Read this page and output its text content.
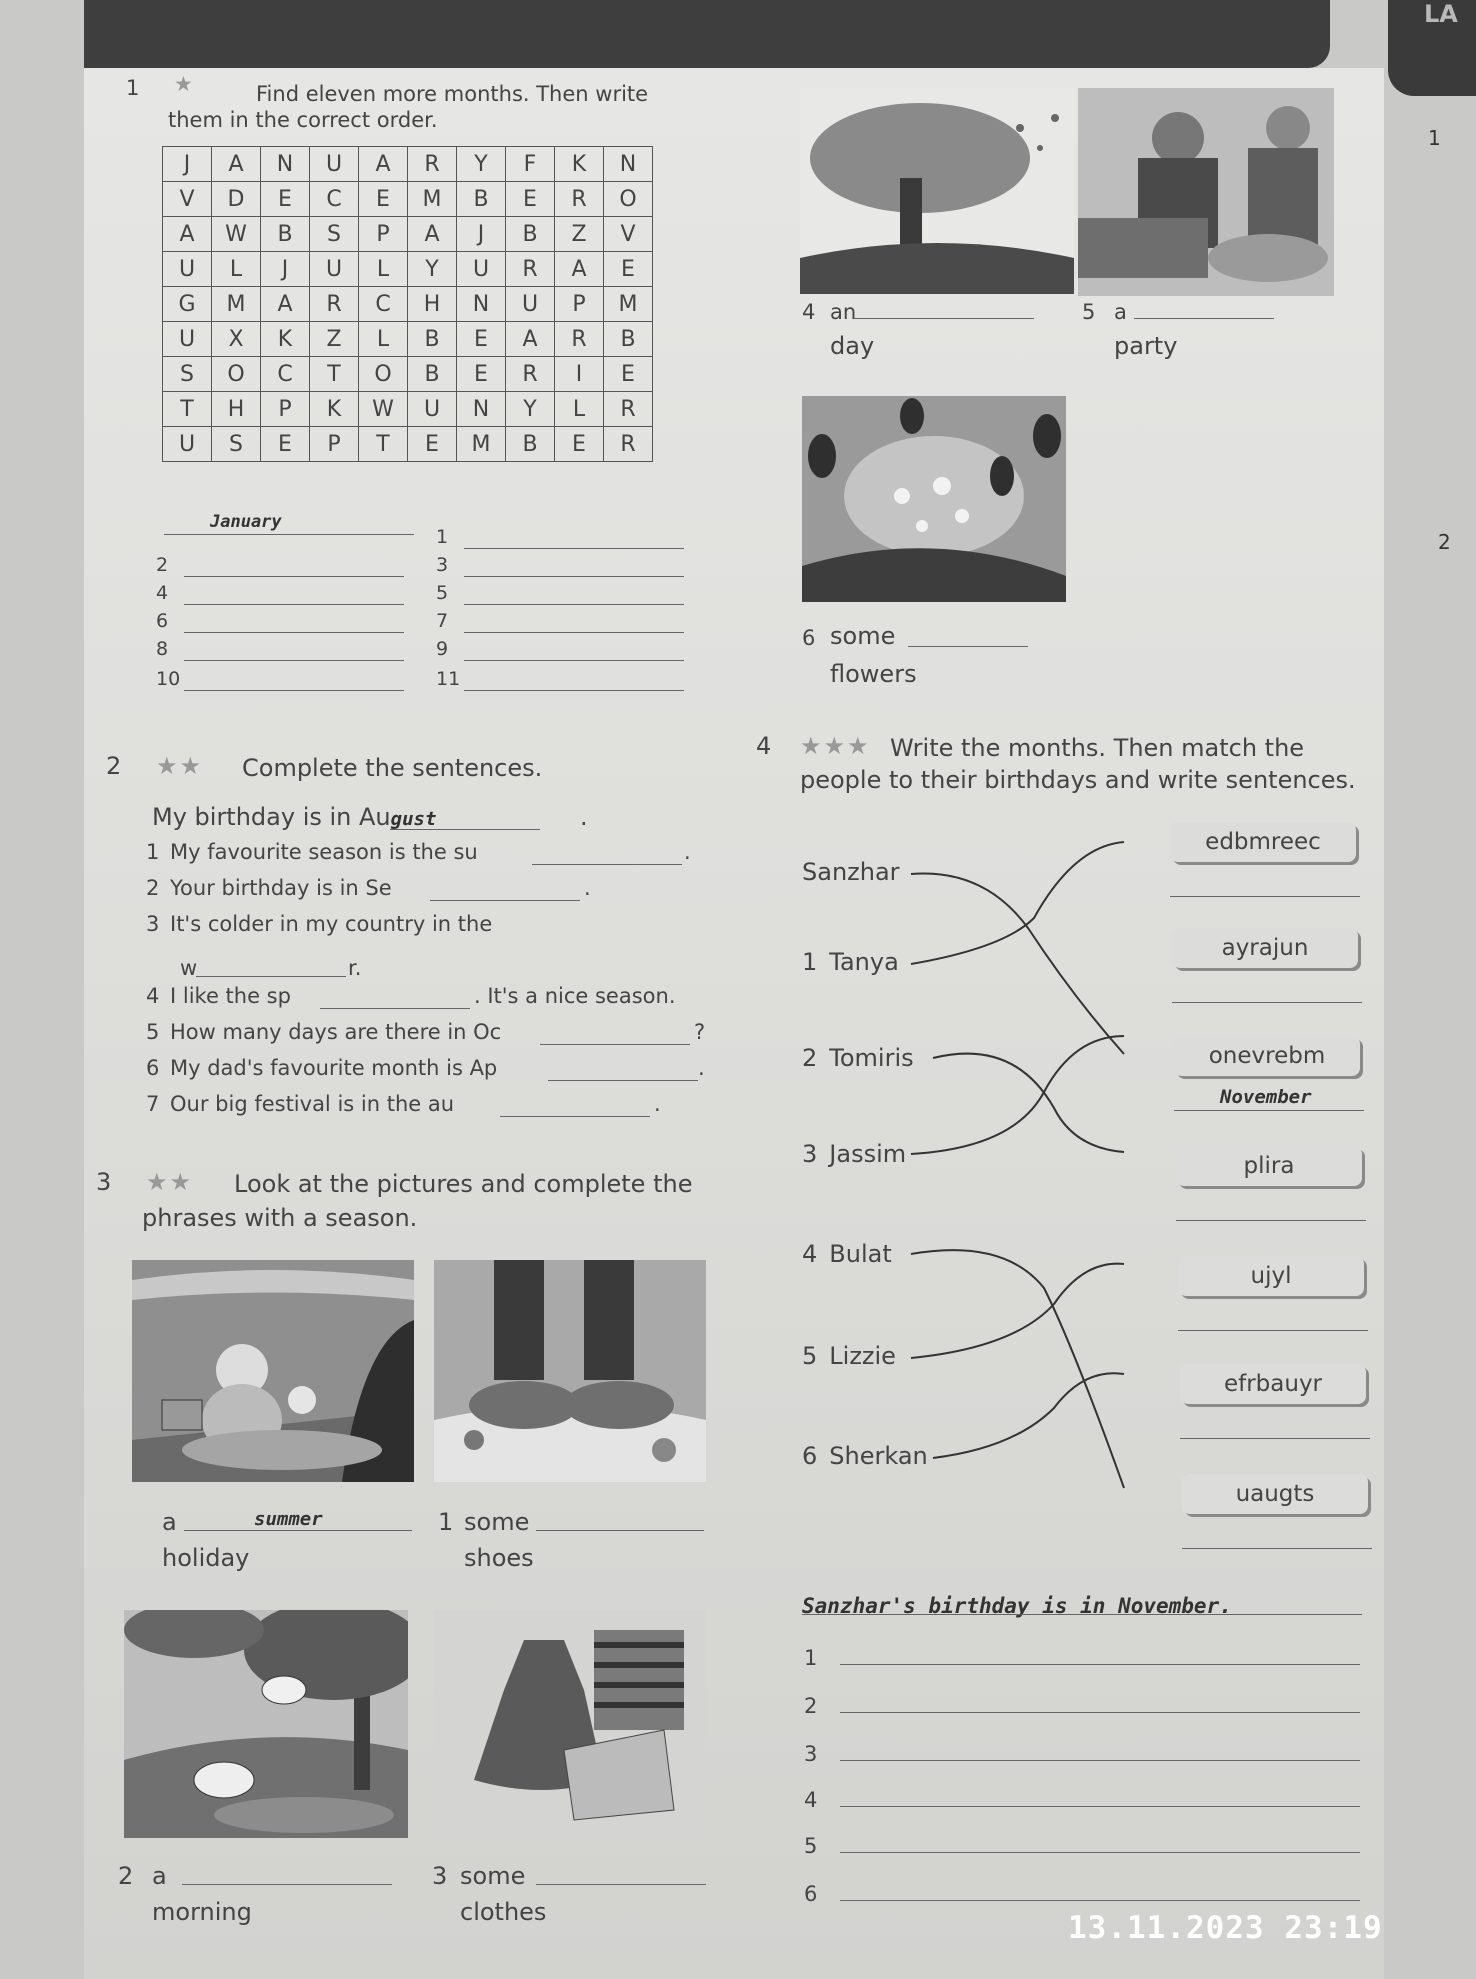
LA
1
2
1 ★	Find eleven more months. Then write
them in the correct order.
J	A	N	U	A	R	Y	F	K	N
V	D	E	C	E	M	B	E	R	O
A	W	B	S	P	A	J	B	Z	V
U	L	J	U	L	Y	U	R	A	E
G	M	A	R	C	H	N	U	P	M
U	X	K	Z	L	B	E	A	R	B
S	O	C	T	O	B	E	R	I	E
T	H	P	K	W	U	N	Y	L	R
U	S	E	P	T	E	M	B	E	R
January
1
2	3
4	5
6	7
8	9
10	11
2 ★★ Complete the sentences.
My birthday is in August	.
1 My favourite season is the su	.
2 Your birthday is in Se	.
3 It's colder in my country in the
4 I like the sp	. It's a nice season.
5 How many days are there in Oc	?
6 My dad's favourite month is Ap	.
7 Our big festival is in the au	.
w	r.
3 ★★ Look at the pictures and complete the
phrases with a season.
a	summer
holiday
1 some
shoes
2 a
morning
3 some
clothes
4 an
day
5 a
party
6 some
flowers
4 ★★★ Write the months. Then match the
people to their birthdays and write sentences.
Sanzhar
1 Tanya
2 Tomiris
3 Jassim
4 Bulat
5 Lizzie
6 Sherkan
edbmreec
ayrajun
onevrebm
November
plira
ujyl
efrbauyr
uaugts
Sanzhar's birthday is in November.
1
2
3
4
5
6
13.11.2023 23:19
